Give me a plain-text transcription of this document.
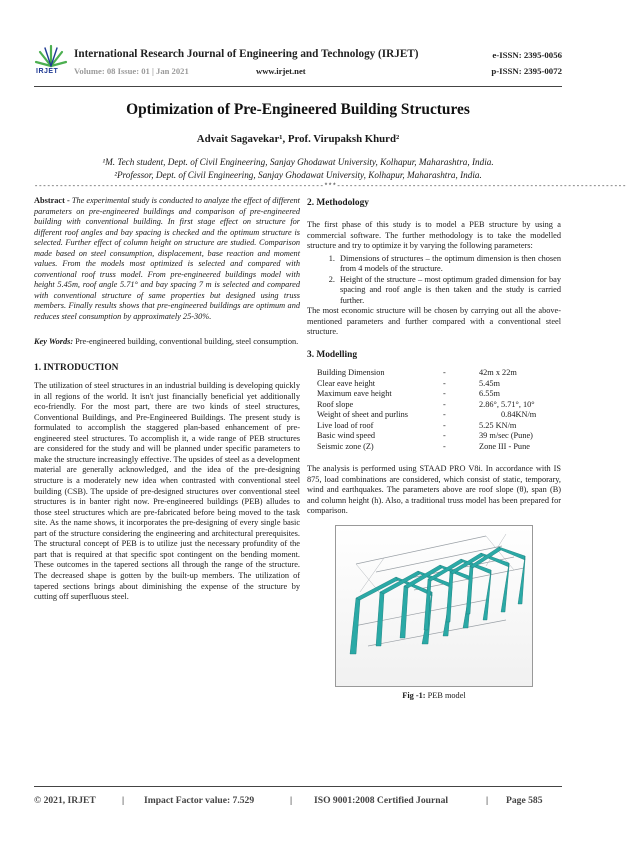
IRJET
International Research Journal of Engineering and Technology (IRJET)
Volume: 08 Issue: 01 | Jan 2021	www.irjet.net
e-ISSN: 2395-0056
p-ISSN: 2395-0072
Optimization of Pre-Engineered Building Structures
Advait Sagavekar¹, Prof. Virupaksh Khurd²
¹M. Tech student, Dept. of Civil Engineering, Sanjay Ghodawat University, Kolhapur, Maharashtra, India.
²Professor, Dept. of Civil Engineering, Sanjay Ghodawat University, Kolhapur, Maharashtra, India.
---------------------------------------------------------------------***---------------------------------------------------------------------

Abstract - The experimental study is conducted to analyze the effect of different parameters on pre-engineered buildings and comparison of pre-engineered building with conventional building. In first stage effect on structure for different roof angles and bay spacing is checked and the optimum structure is selected. Further effect of column height on structure are studied. Comparison made based on steel consumption, displacement, base reaction and moment values. From the models most optimized is selected and compared with conventional roof truss model. From pre-engineered buildings model with height 5.45m, roof angle 5.71° and bay spacing 7 m is selected and compared with conventional structure of same properties but designed using truss members. Finally results shows that pre-engineered buildings are optimum and reduces steel consumption by approximately 25-30%.

Key Words: Pre-engineered building, conventional building, steel consumption.

1. INTRODUCTION

The utilization of steel structures in an industrial building is developing quickly in all regions of the world. It isn't just financially beneficial yet additionally eco-friendly. For the most part, there are two kinds of steel structures, Conventional Buildings, and Pre-Engineered Buildings. The present study is formulated to accomplish the staggered plan-based enhancement of pre-engineered steel structures. To accomplish it, a wide range of PEB structures are considered for the study and will be planned under specific parameters to make the structure increasingly effective. The upsides of steel as a development material are generally acknowledged, and the idea of the pre-designing structure is a moderately new idea when contrasted with conventional steel building (CSB). The upside of pre-designed structures over conventional steel structures is in banter right now. Pre-engineered buildings (PEB) alludes to those steel structures which are pre-fabricated before being moved to the task site. As the name shows, it incorporates the pre-designing of every single basic part of the structure considering the engineering and architectural prerequisites. The structural concept of PEB is to utilize just the necessary profundity of the part that is required at that specific spot contingent on the bending moment. These outcomes in the tapered sections all through the range of the structure. The decreased shape is gotten by the built-up members. The utilization of tapered sections brings about diminishing the expense of the structure by cutting off superfluous steel.

2. Methodology

The first phase of this study is to model a PEB structure by using a commercial software. The further methodology is to take the modelled structure and try to optimize it by varying the following parameters:

1. Dimensions of structures – the optimum dimension is then chosen from 4 models of the structure.
2. Height of the structure – most optimum graded dimension for bay spacing and roof angle is then taken and the study is carried further.

The most economic structure will be chosen by carrying out all the above-mentioned parameters and further compared with a conventional steel structure.

3. Modelling
Building Dimension	-	42m x 22m
Clear eave height	-	5.45m
Maximum eave height	-	6.55m
Roof slope	-	2.86°, 5.71°, 10°
Weight of sheet and purlins	-	0.84KN/m
Live load of roof	-	5.25 KN/m
Basic wind speed	-	39 m/sec (Pune)
Seismic zone (Z)	-	Zone III - Pune

The analysis is performed using STAAD PRO V8i. In accordance with IS 875, load combinations are considered, which consist of static, temporary, wind and earthquakes. The parameters above are roof slope (θ), span (B) and column height (h). Also, a traditional truss model has been prepared for comparison.

Fig -1: PEB model
© 2021, IRJET	| Impact Factor value: 7.529	| ISO 9001:2008 Certified Journal	| Page 585
